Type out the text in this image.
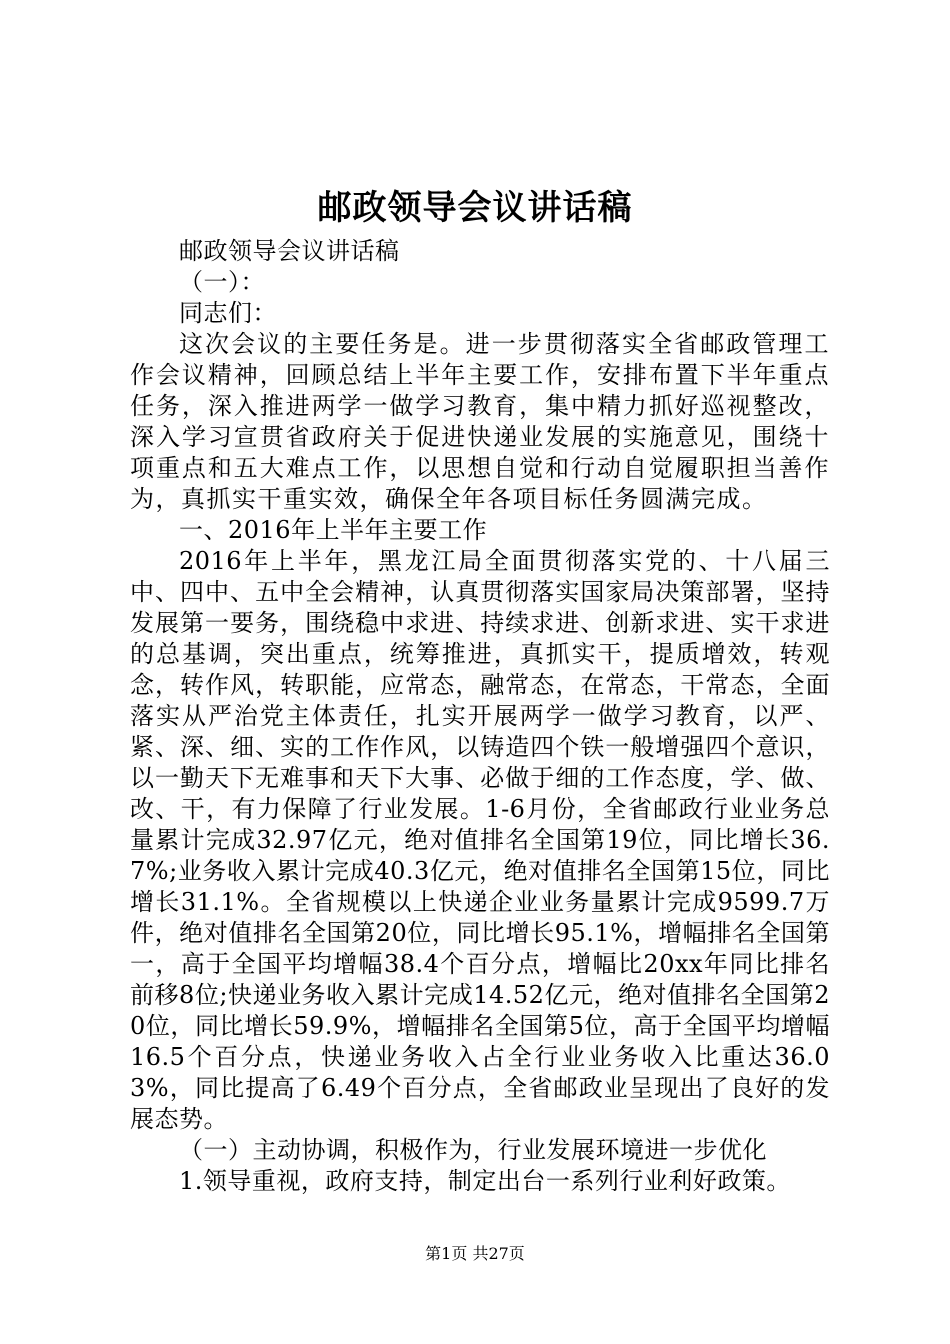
邮政领导会议讲话稿

邮政领导会议讲话稿

（一）：

同志们：

这次会议的主要任务是。进一步贯彻落实全省邮政管理工作会议精神，回顾总结上半年主要工作，安排布置下半年重点任务，深入推进两学一做学习教育，集中精力抓好巡视整改，深入学习宣贯省政府关于促进快递业发展的实施意见，围绕十项重点和五大难点工作，以思想自觉和行动自觉履职担当善作为，真抓实干重实效，确保全年各项目标任务圆满完成。

一、2016年上半年主要工作

2016年上半年，黑龙江局全面贯彻落实党的、十八届三中、四中、五中全会精神，认真贯彻落实国家局决策部署，坚持发展第一要务，围绕稳中求进、持续求进、创新求进、实干求进的总基调，突出重点，统筹推进，真抓实干，提质增效，转观念，转作风，转职能，应常态，融常态，在常态，干常态，全面落实从严治党主体责任，扎实开展两学一做学习教育，以严、紧、深、细、实的工作作风，以铸造四个铁一般增强四个意识，以一勤天下无难事和天下大事、必做于细的工作态度，学、做、改、干，有力保障了行业发展。1-6月份，全省邮政行业业务总量累计完成32.97亿元，绝对值排名全国第19位，同比增长36.7%;业务收入累计完成40.3亿元，绝对值排名全国第15位，同比增长31.1%。全省规模以上快递企业业务量累计完成9599.7万件，绝对值排名全国第20位，同比增长95.1%，增幅排名全国第一，高于全国平均增幅38.4个百分点，增幅比20xx年同比排名前移8位;快递业务收入累计完成14.52亿元，绝对值排名全国第20位，同比增长59.9%，增幅排名全国第5位，高于全国平均增幅16.5个百分点，快递业务收入占全行业业务收入比重达36.03%，同比提高了6.49个百分点，全省邮政业呈现出了良好的发展态势。

（一）主动协调，积极作为，行业发展环境进一步优化

1.领导重视，政府支持，制定出台一系列行业利好政策。

第1页 共27页
